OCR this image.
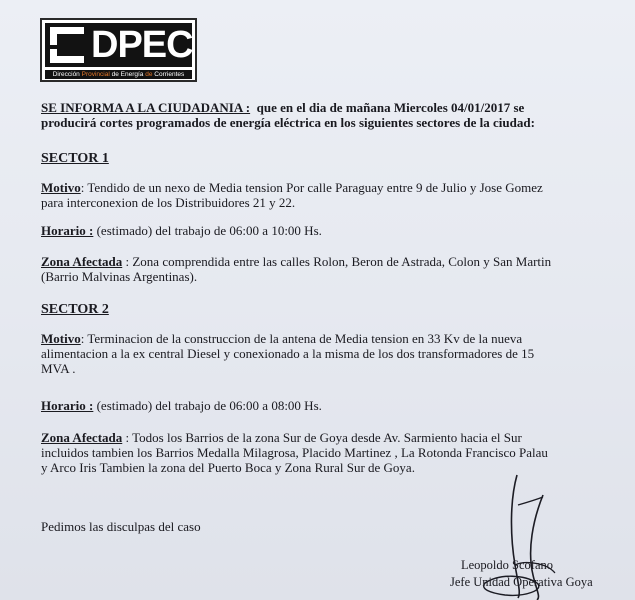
DPEC
Dirección Provincial de Energía de Corrientes
SE INFORMA A LA CIUDADANIA : que en el dia de mañana Miercoles 04/01/2017 se
producirá cortes programados de energía eléctrica en los siguientes sectores de la ciudad:
SECTOR 1
Motivo: Tendido de un nexo de Media tension Por calle Paraguay entre 9 de Julio y Jose Gomez
para interconexion de los Distribuidores 21 y 22.
Horario : (estimado) del trabajo de 06:00 a 10:00 Hs.
Zona Afectada : Zona comprendida entre las calles Rolon, Beron de Astrada, Colon y San Martin
(Barrio Malvinas Argentinas).
SECTOR 2
Motivo: Terminacion de la construccion de la antena de Media tension en 33 Kv de la nueva
alimentacion a la ex central Diesel y conexionado a la misma de los dos transformadores de 15
MVA .
Horario : (estimado) del trabajo de 06:00 a 08:00 Hs.
Zona Afectada : Todos los Barrios de la zona Sur de Goya desde Av. Sarmiento hacia el Sur
incluidos tambien los Barrios Medalla Milagrosa, Placido Martinez , La Rotonda Francisco Palau
y Arco Iris Tambien la zona del Puerto Boca y Zona Rural Sur de Goya.
Pedimos las disculpas del caso
Leopoldo Scofano
Jefe Unidad Operativa Goya
